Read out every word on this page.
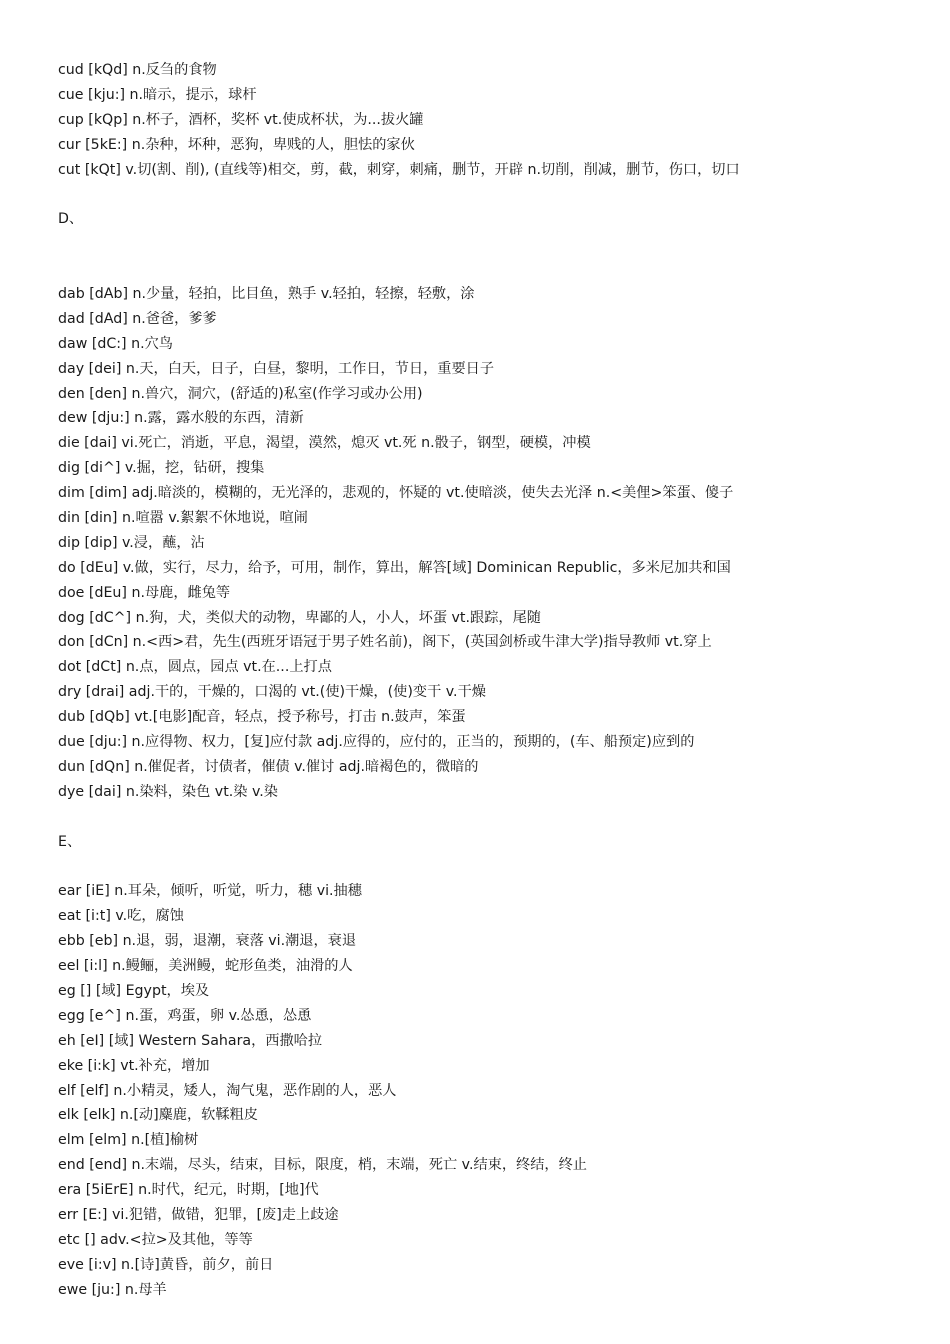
cud [kQd] n.反刍的食物
cue [kju:] n.暗示，提示，球杆
cup [kQp] n.杯子，酒杯，奖杯 vt.使成杯状，为...拔火罐
cur [5kE:] n.杂种，坏种，恶狗，卑贱的人，胆怯的家伙
cut [kQt] v.切(割、削), (直线等)相交，剪，截，刺穿，刺痛，删节，开辟 n.切削，削减，删节，伤口，切口
D、
dab [dAb] n.少量，轻拍，比目鱼，熟手 v.轻拍，轻擦，轻敷，涂
dad [dAd] n.爸爸，爹爹
daw [dC:] n.穴鸟
day [dei] n.天，白天，日子，白昼，黎明，工作日，节日，重要日子
den [den] n.兽穴，洞穴，(舒适的)私室(作学习或办公用)
dew [dju:] n.露，露水般的东西，清新
die [dai] vi.死亡，消逝，平息，渴望，漠然，熄灭 vt.死 n.骰子，钢型，硬模，冲模
dig [di^] v.掘，挖，钻研，搜集
dim [dim] adj.暗淡的，模糊的，无光泽的，悲观的，怀疑的 vt.使暗淡，使失去光泽 n.<美俚>笨蛋、傻子
din [din] n.喧嚣 v.絮絮不休地说，喧闹
dip [dip] v.浸，蘸，沾
do [dEu] v.做，实行，尽力，给予，可用，制作，算出，解答[域] Dominican Republic，多米尼加共和国
doe [dEu] n.母鹿，雌兔等
dog [dC^] n.狗，犬，类似犬的动物，卑鄙的人，小人，坏蛋 vt.跟踪，尾随
don [dCn] n.<西>君，先生(西班牙语冠于男子姓名前)，阁下，(英国剑桥或牛津大学)指导教师 vt.穿上
dot [dCt] n.点，圆点，园点 vt.在...上打点
dry [drai] adj.干的，干燥的，口渴的 vt.(使)干燥，(使)变干 v.干燥
dub [dQb] vt.[电影]配音，轻点，授予称号，打击 n.鼓声，笨蛋
due [dju:] n.应得物、权力，[复]应付款 adj.应得的，应付的，正当的，预期的，(车、船预定)应到的
dun [dQn] n.催促者，讨债者，催债 v.催讨 adj.暗褐色的，微暗的
dye [dai] n.染料，染色 vt.染 v.染
E、
ear [iE] n.耳朵，倾听，听觉，听力，穗 vi.抽穗
eat [i:t] v.吃，腐蚀
ebb [eb] n.退，弱，退潮，衰落 vi.潮退，衰退
eel [i:l] n.鳗鲡，美洲鳗，蛇形鱼类，油滑的人
eg [] [域] Egypt，埃及
egg [e^] n.蛋，鸡蛋，卵 v.怂恿，怂恿
eh [eI] [域] Western Sahara，西撒哈拉
eke [i:k] vt.补充，增加
elf [elf] n.小精灵，矮人，淘气鬼，恶作剧的人，恶人
elk [elk] n.[动]麋鹿，软鞣粗皮
elm [elm] n.[植]榆树
end [end] n.末端，尽头，结束，目标，限度，梢，末端，死亡 v.结束，终结，终止
era [5iErE] n.时代，纪元，时期，[地]代
err [E:] vi.犯错，做错，犯罪，[废]走上歧途
etc [] adv.<拉>及其他，等等
eve [i:v] n.[诗]黄昏，前夕，前日
ewe [ju:] n.母羊
